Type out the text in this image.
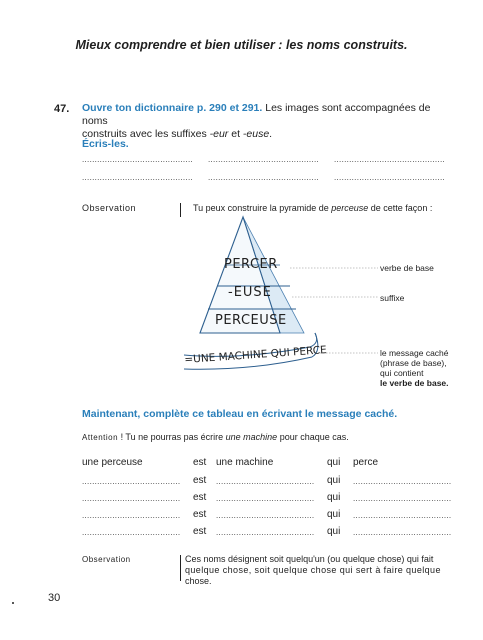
Mieux comprendre et bien utiliser : les noms construits.
47. Ouvre ton dictionnaire p. 290 et 291. Les images sont accompagnées de noms
construits avec les suffixes -eur et -euse.
Écris-les.
............................................ ............................................ ............................................
............................................ ............................................ ............................................
Observation	Tu peux construire la pyramide de perceuse de cette façon :
PERCER
-EUSE
PERCEUSE
=UNE MACHINE QUI PERCE
verbe de base
suffixe
le message caché
(phrase de base),
qui contient
le verbe de base.
Maintenant, complète ce tableau en écrivant le message caché.
Attention ! Tu ne pourras pas écrire une machine pour chaque cas.
une perceuse	est une machine	qui perce
....................................... est ....................................... qui .......................................
....................................... est ....................................... qui .......................................
....................................... est ....................................... qui .......................................
....................................... est ....................................... qui .......................................
Observation	Ces noms désignent soit quelqu'un (ou quelque chose) qui fait
quelque chose, soit quelque chose qui sert à faire quelque
chose.
30
